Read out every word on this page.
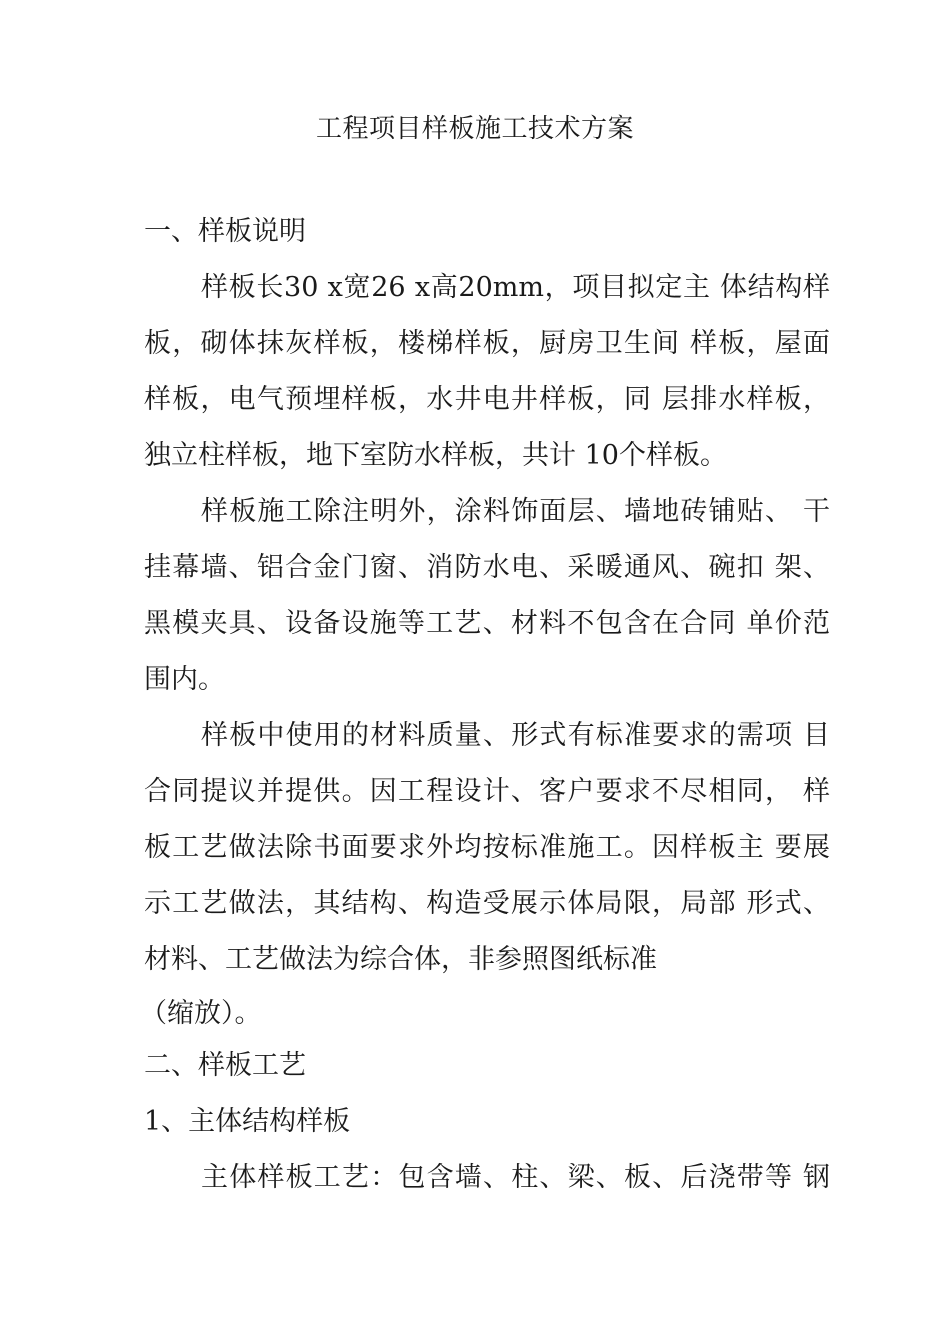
工程项目样板施工技术方案
一、样板说明
样板长30 x宽26 x高20mm，项目拟定主 体结构样
板，砌体抹灰样板，楼梯样板，厨房卫生间 样板，屋面
样板，电气预埋样板，水井电井样板，同 层排水样板，
独立柱样板，地下室防水样板，共计 10个样板。
样板施工除注明外，涂料饰面层、墙地砖铺贴、 干
挂幕墙、铝合金门窗、消防水电、采暖通风、碗扣 架、
黑模夹具、设备设施等工艺、材料不包含在合同 单价范
围内。
样板中使用的材料质量、形式有标准要求的需项 目
合同提议并提供。因工程设计、客户要求不尽相同， 样
板工艺做法除书面要求外均按标准施工。因样板主 要展
示工艺做法，其结构、构造受展示体局限，局部 形式、
材料、工艺做法为综合体，非参照图纸标准
（缩放）。
二、样板工艺
1、主体结构样板
主体样板工艺：包含墙、柱、梁、板、后浇带等 钢
